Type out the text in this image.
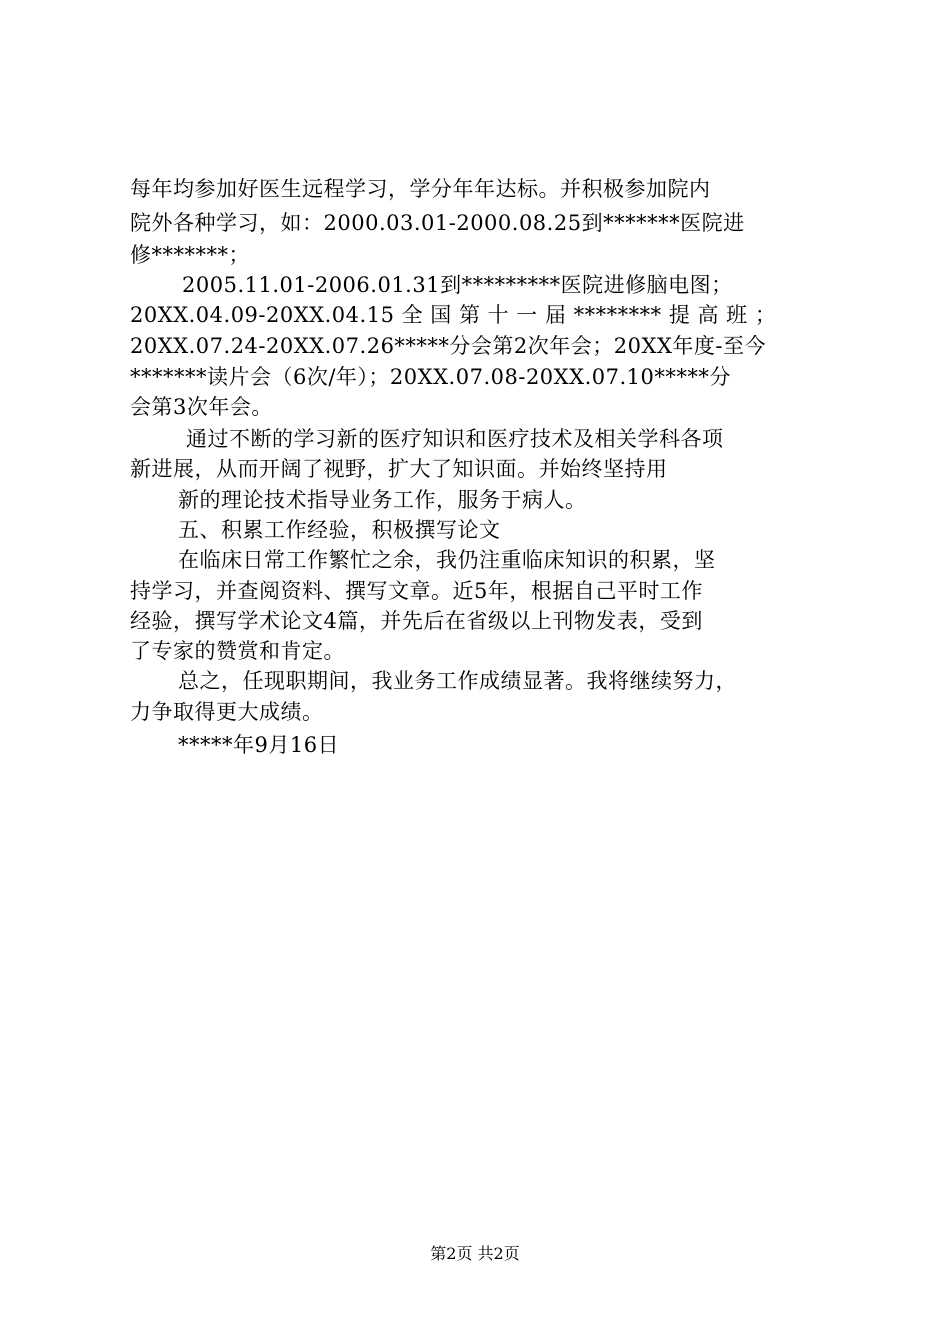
每年均参加好医生远程学习，学分年年达标。并积极参加院内
院外各种学习，如：2000.03.01-2000.08.25到*******医院进
修*******；
2005.11.01-2006.01.31到*********医院进修脑电图；
20XX.04.09-20XX.04.15 全 国 第 十 一 届 ******** 提 高 班 ；
20XX.07.24-20XX.07.26*****分会第2次年会；20XX年度-至今
*******读片会（6次/年）；20XX.07.08-20XX.07.10*****分
会第3次年会。
通过不断的学习新的医疗知识和医疗技术及相关学科各项
新进展，从而开阔了视野，扩大了知识面。并始终坚持用
新的理论技术指导业务工作，服务于病人。
五、积累工作经验，积极撰写论文
在临床日常工作繁忙之余，我仍注重临床知识的积累，坚
持学习，并查阅资料、撰写文章。近5年，根据自己平时工作
经验，撰写学术论文4篇，并先后在省级以上刊物发表，受到
了专家的赞赏和肯定。
总之，任现职期间，我业务工作成绩显著。我将继续努力，
力争取得更大成绩。
*****年9月16日
第2页 共2页
